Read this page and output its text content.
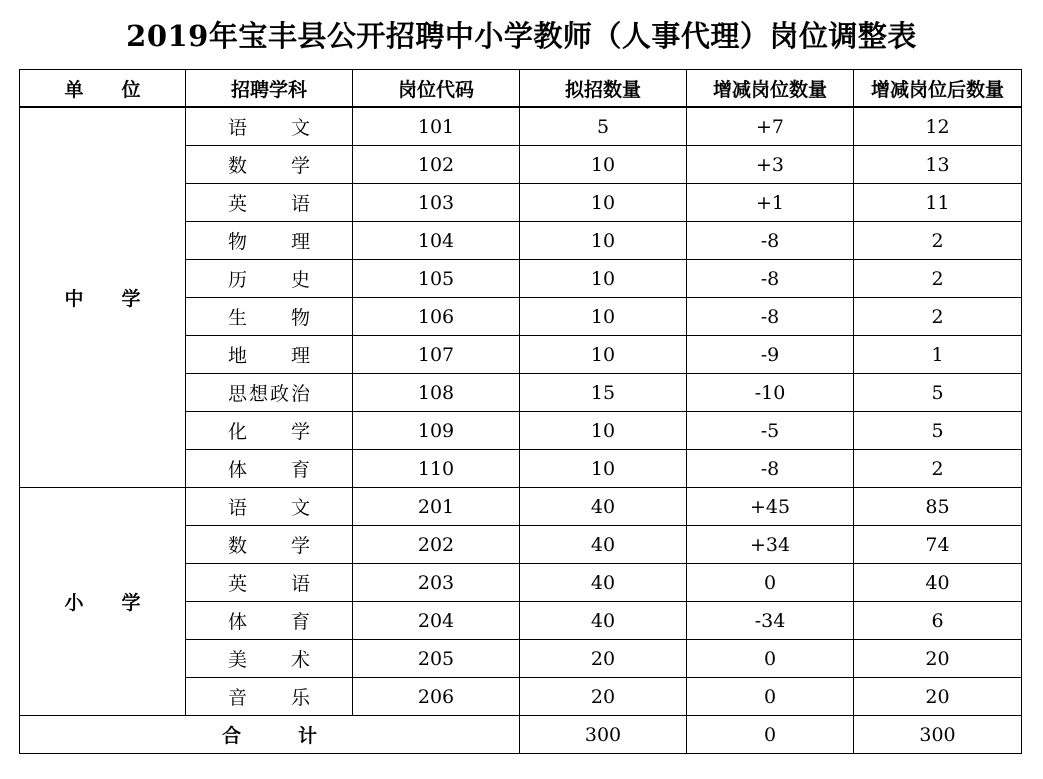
2019年宝丰县公开招聘中小学教师（人事代理）岗位调整表
单　　位	招聘学科	岗位代码	拟招数量	增减岗位数量	增减岗位后数量
中　　学	语　　文	101	5	+7	12
	数　　学	102	10	+3	13
	英　　语	103	10	+1	11
	物　　理	104	10	-8	2
	历　　史	105	10	-8	2
	生　　物	106	10	-8	2
	地　　理	107	10	-9	1
	思想政治	108	15	-10	5
	化　　学	109	10	-5	5
	体　　育	110	10	-8	2
小　　学	语　　文	201	40	+45	85
	数　　学	202	40	+34	74
	英　　语	203	40	0	40
	体　　育	204	40	-34	6
	美　　术	205	20	0	20
	音　　乐	206	20	0	20
合　　　计			300	0	300
